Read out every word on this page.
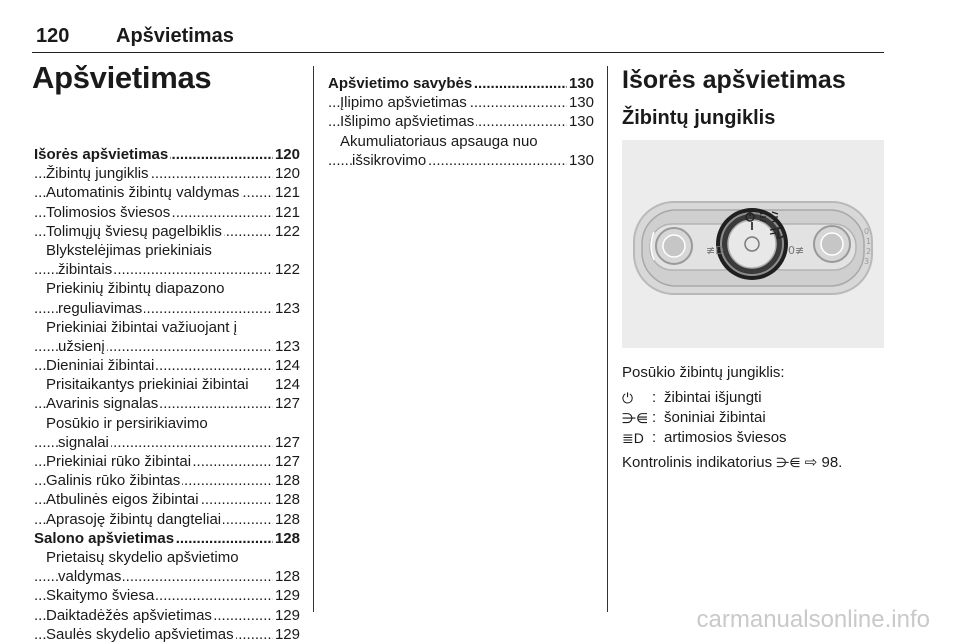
120 Apšvietimas
Apšvietimas
Išorės apšvietimas	120
.....
Žibintų jungiklis	120
.....
Automatinis žibintų valdymas 121
.....
Tolimosios šviesos	121
.....
Tolimųjų šviesų pagelbiklis	122
.....
Blykstelėjimas priekiniais
žibintais	122
.....
Priekinių žibintų diapazono
reguliavimas	123
.....
Priekiniai žibintai važiuojant į
užsienį	123
.....
Dieniniai žibintai	124
.....
Prisitaikantys priekiniai žibintai 124
Avarinis signalas	127
.....
Posūkio ir persirikiavimo
signalai	127
.....
Priekiniai rūko žibintai	127
.....
Galinis rūko žibintas	128
.....
Atbulinės eigos žibintai	128
.....
Aprasoję žibintų dangteliai	128
.....
Salono apšvietimas	128
.....
Prietaisų skydelio apšvietimo
valdymas	128
.....
Skaitymo šviesa	129
.....
Daiktadėžės apšvietimas	129
.....
Saulės skydelio apšvietimas	129
.....
Apšvietimo savybės	130
.....
Įlipimo apšvietimas	130
.....
Išlipimo apšvietimas	130
.....
Akumuliatoriaus apsauga nuo
išsikrovimo	130
.....
Išorės apšvietimas
Žibintų jungiklis
≢D	0≢
0
1
2
3
Posūkio žibintų jungiklis:
⏻	: žibintai išjungti
⋺⋹ : šoniniai žibintai
≣D : artimosios šviesos
Kontrolinis indikatorius ⋺⋹ ⇨ 98.
carmanualsonline.info
